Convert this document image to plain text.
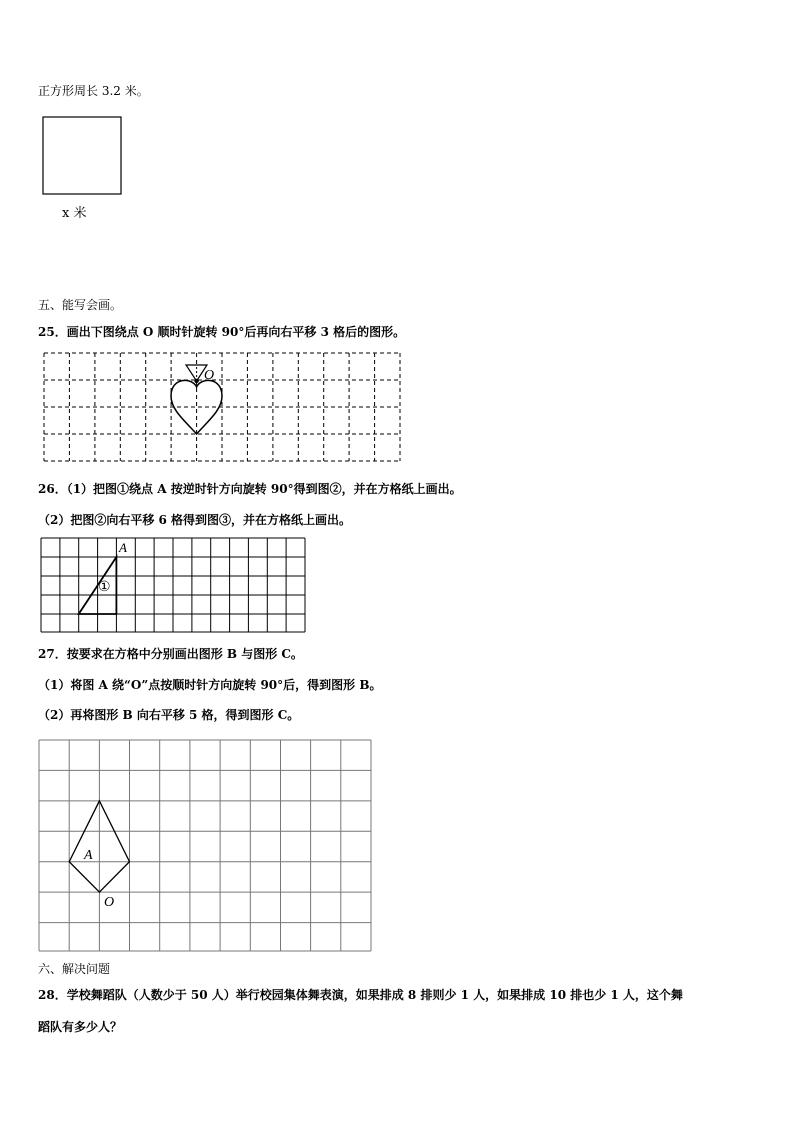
正方形周长 3.2 米。
x 米
五、能写会画。
25．画出下图绕点 O 顺时针旋转 90°后再向右平移 3 格后的图形。
O
26．（1）把图①绕点 A 按逆时针方向旋转 90°得到图②，并在方格纸上画出。
（2）把图②向右平移 6 格得到图③，并在方格纸上画出。
A
①
27．按要求在方格中分别画出图形 B 与图形 C。
（1）将图 A 绕“O”点按顺时针方向旋转 90°后，得到图形 B。
（2）再将图形 B 向右平移 5 格，得到图形 C。
A
O
六、解决问题
28．学校舞蹈队（人数少于 50 人）举行校园集体舞表演，如果排成 8 排则少 1 人，如果排成 10 排也少 1 人，这个舞
蹈队有多少人？
